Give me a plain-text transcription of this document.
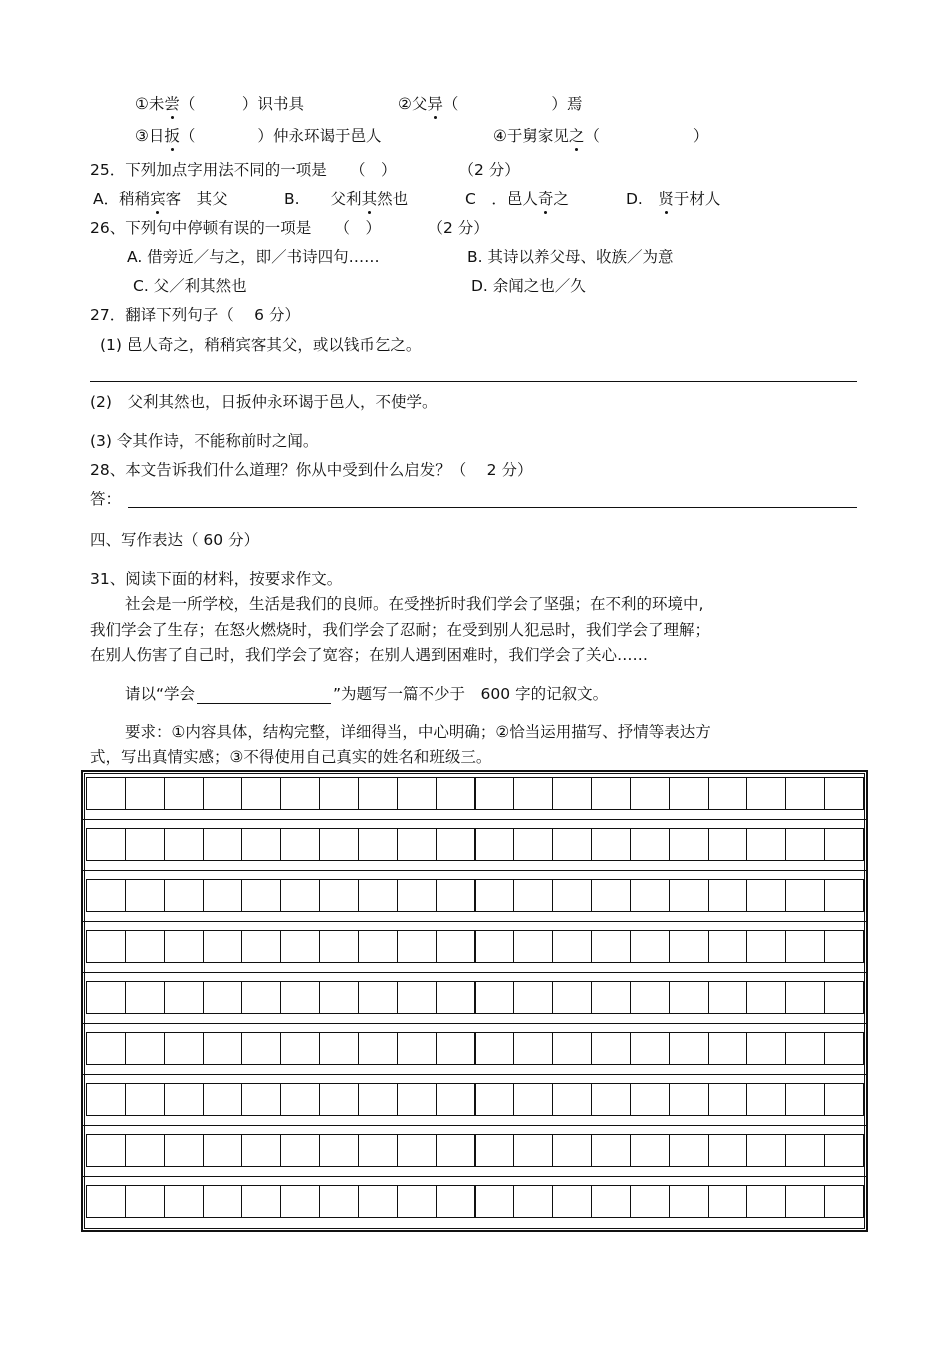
①未尝（　　　）识书具	②父异（　　　　　　）焉
③日扳（　　　　）仲永环谒于邑人	④于舅家见之（　　　　　　）
25．下列加点字用法不同的一项是　　（　）　　　　　（2 分）
A．稍稍宾客　其父	B.　　父利其然也	C　．邑人奇之	D.　贤于材人
26、下列句中停顿有误的一项是　　（　）　　　　（2 分）
A. 借旁近／与之，即／书诗四句……	B. 其诗以养父母、收族／为意
C. 父／利其然也	D. 余闻之也／久
27．翻译下列句子（　 6 分）
(1) 邑人奇之，稍稍宾客其父，或以钱币乞之。
(2)　父利其然也，日扳仲永环谒于邑人，不使学。
(3) 令其作诗，不能称前时之闻。
28、本文告诉我们什么道理？你从中受到什么启发？（　 2 分）
答：
四、写作表达（ 60 分）
31、阅读下面的材料，按要求作文。
社会是一所学校，生活是我们的良师。在受挫折时我们学会了坚强；在不利的环境中,
我们学会了生存；在怒火燃烧时，我们学会了忍耐；在受到别人犯忌时，我们学会了理解；
在别人伤害了自己时，我们学会了宽容；在别人遇到困难时，我们学会了关心……
请以“学会	”为题写一篇不少于　600 字的记叙文。
要求：①内容具体，结构完整，详细得当，中心明确；②恰当运用描写、抒情等表达方
式，写出真情实感；③不得使用自己真实的姓名和班级三。
